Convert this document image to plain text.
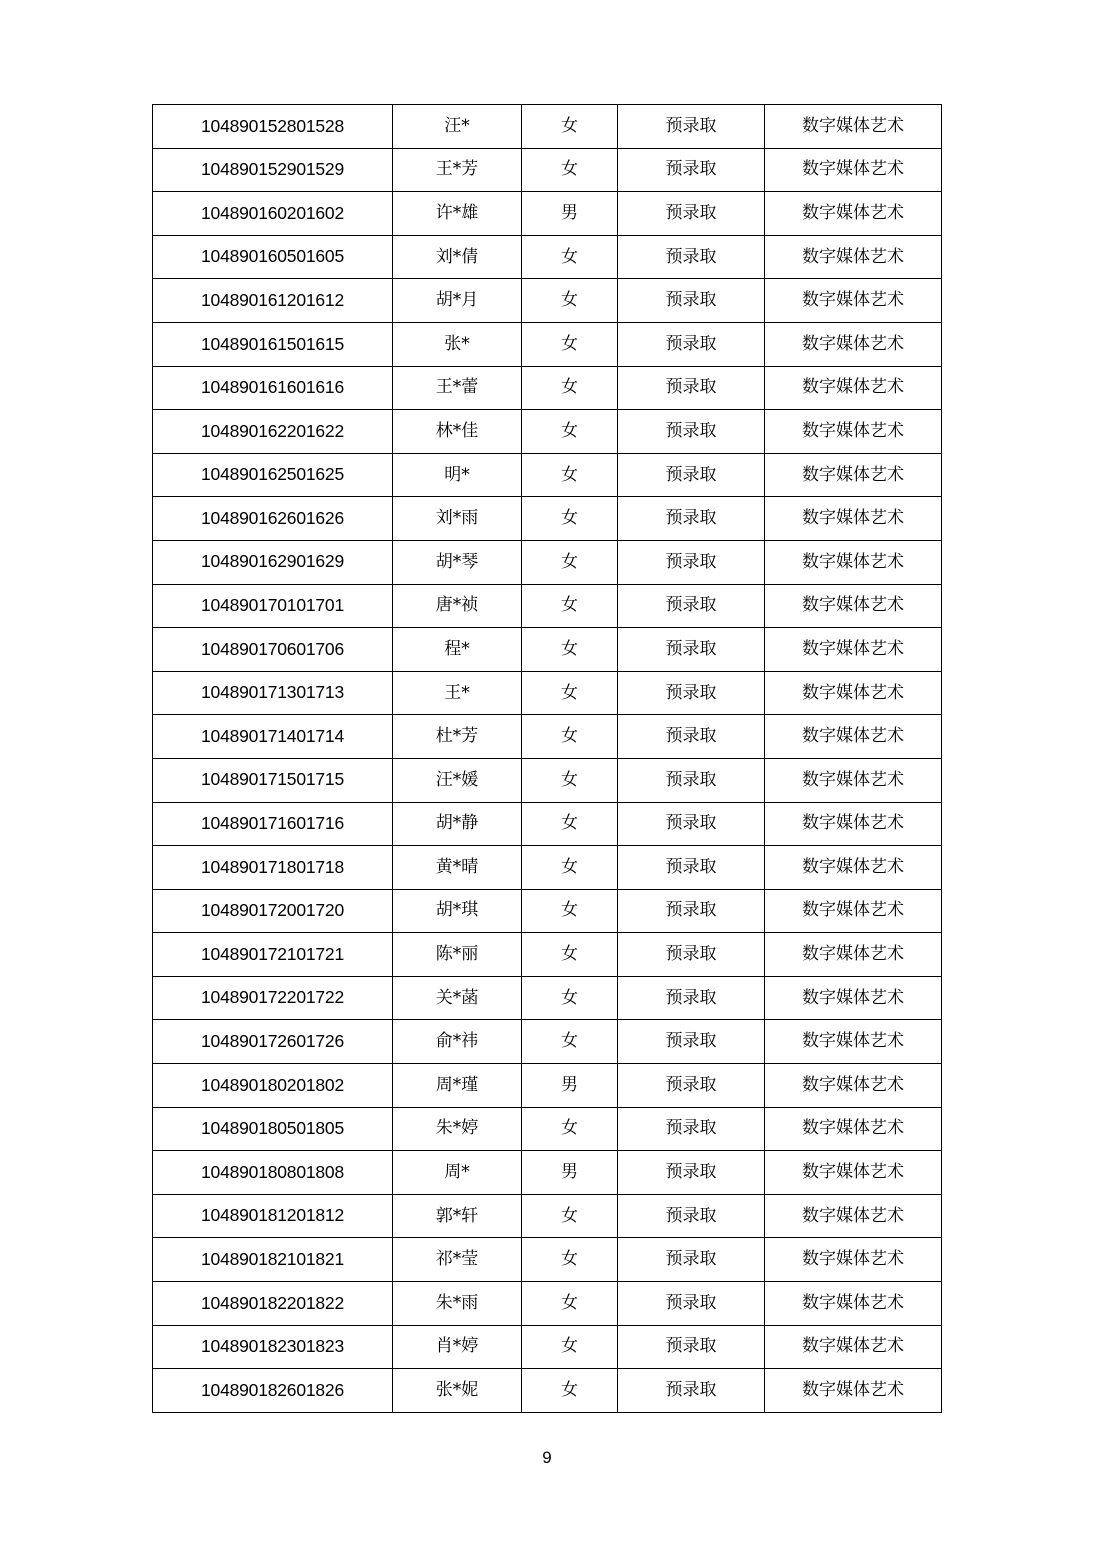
104890152801528	汪*	女	预录取	数字媒体艺术
104890152901529	王*芳	女	预录取	数字媒体艺术
104890160201602	许*雄	男	预录取	数字媒体艺术
104890160501605	刘*倩	女	预录取	数字媒体艺术
104890161201612	胡*月	女	预录取	数字媒体艺术
104890161501615	张*	女	预录取	数字媒体艺术
104890161601616	王*蕾	女	预录取	数字媒体艺术
104890162201622	林*佳	女	预录取	数字媒体艺术
104890162501625	明*	女	预录取	数字媒体艺术
104890162601626	刘*雨	女	预录取	数字媒体艺术
104890162901629	胡*琴	女	预录取	数字媒体艺术
104890170101701	唐*祯	女	预录取	数字媒体艺术
104890170601706	程*	女	预录取	数字媒体艺术
104890171301713	王*	女	预录取	数字媒体艺术
104890171401714	杜*芳	女	预录取	数字媒体艺术
104890171501715	汪*媛	女	预录取	数字媒体艺术
104890171601716	胡*静	女	预录取	数字媒体艺术
104890171801718	黄*晴	女	预录取	数字媒体艺术
104890172001720	胡*琪	女	预录取	数字媒体艺术
104890172101721	陈*丽	女	预录取	数字媒体艺术
104890172201722	关*菡	女	预录取	数字媒体艺术
104890172601726	俞*祎	女	预录取	数字媒体艺术
104890180201802	周*瑾	男	预录取	数字媒体艺术
104890180501805	朱*婷	女	预录取	数字媒体艺术
104890180801808	周*	男	预录取	数字媒体艺术
104890181201812	郭*轩	女	预录取	数字媒体艺术
104890182101821	祁*莹	女	预录取	数字媒体艺术
104890182201822	朱*雨	女	预录取	数字媒体艺术
104890182301823	肖*婷	女	预录取	数字媒体艺术
104890182601826	张*妮	女	预录取	数字媒体艺术
9
